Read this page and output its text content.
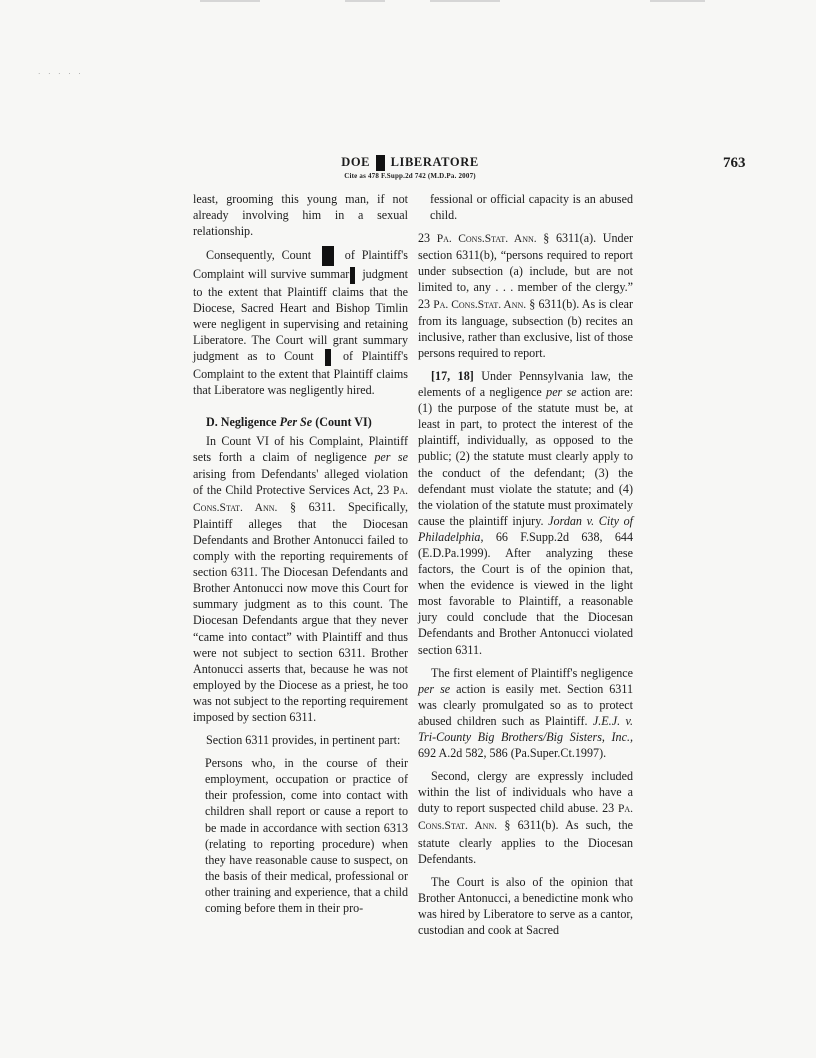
· · · · ·
DOE LIBERATORE
Cite as 478 F.Supp.2d 742 (M.D.Pa. 2007)
763

least, grooming this young man, if not already involving him in a sexual relationship.

Consequently, Count	of Plaintiff's Complaint will survive summar judgment to the extent that Plaintiff claims that the Diocese, Sacred Heart and Bishop Timlin were negligent in supervising and retaining Liberatore. The Court will grant summary judgment as to Count of Plaintiff's Complaint to the extent that Plaintiff claims that Liberatore was negligently hired.

D. Negligence Per Se (Count VI)

In Count VI of his Complaint, Plaintiff sets forth a claim of negligence per se arising from Defendants' alleged violation of the Child Protective Services Act, 23 Pa. Cons.Stat. Ann. § 6311. Specifically, Plaintiff alleges that the Diocesan Defendants and Brother Antonucci failed to comply with the reporting requirements of section 6311. The Diocesan Defendants and Brother Antonucci now move this Court for summary judgment as to this count. The Diocesan Defendants argue that they never “came into contact” with Plaintiff and thus were not subject to section 6311. Brother Antonucci asserts that, because he was not employed by the Diocese as a priest, he too was not subject to the reporting requirement imposed by section 6311.

Section 6311 provides, in pertinent part:

Persons who, in the course of their employment, occupation or practice of their profession, come into contact with children shall report or cause a report to be made in accordance with section 6313 (relating to reporting procedure) when they have reasonable cause to suspect, on the basis of their medical, professional or other training and experience, that a child coming before them in their pro-

fessional or official capacity is an abused child.

23 Pa. Cons.Stat. Ann. § 6311(a). Under section 6311(b), “persons required to report under subsection (a) include, but are not limited to, any . . . member of the clergy.” 23 Pa. Cons.Stat. Ann. § 6311(b). As is clear from its language, subsection (b) recites an inclusive, rather than exclusive, list of those persons required to report.

[17, 18] Under Pennsylvania law, the elements of a negligence per se action are: (1) the purpose of the statute must be, at least in part, to protect the interest of the plaintiff, individually, as opposed to the public; (2) the statute must clearly apply to the conduct of the defendant; (3) the defendant must violate the statute; and (4) the violation of the statute must proximately cause the plaintiff injury. Jordan v. City of Philadelphia, 66 F.Supp.2d 638, 644 (E.D.Pa.1999). After analyzing these factors, the Court is of the opinion that, when the evidence is viewed in the light most favorable to Plaintiff, a reasonable jury could conclude that the Diocesan Defendants and Brother Antonucci violated section 6311.

The first element of Plaintiff's negligence per se action is easily met. Section 6311 was clearly promulgated so as to protect abused children such as Plaintiff. J.E.J. v. Tri-County Big Brothers/Big Sisters, Inc., 692 A.2d 582, 586 (Pa.Super.Ct.1997).

Second, clergy are expressly included within the list of individuals who have a duty to report suspected child abuse. 23 Pa. Cons.Stat. Ann. § 6311(b). As such, the statute clearly applies to the Diocesan Defendants.

The Court is also of the opinion that Brother Antonucci, a benedictine monk who was hired by Liberatore to serve as a cantor, custodian and cook at Sacred
